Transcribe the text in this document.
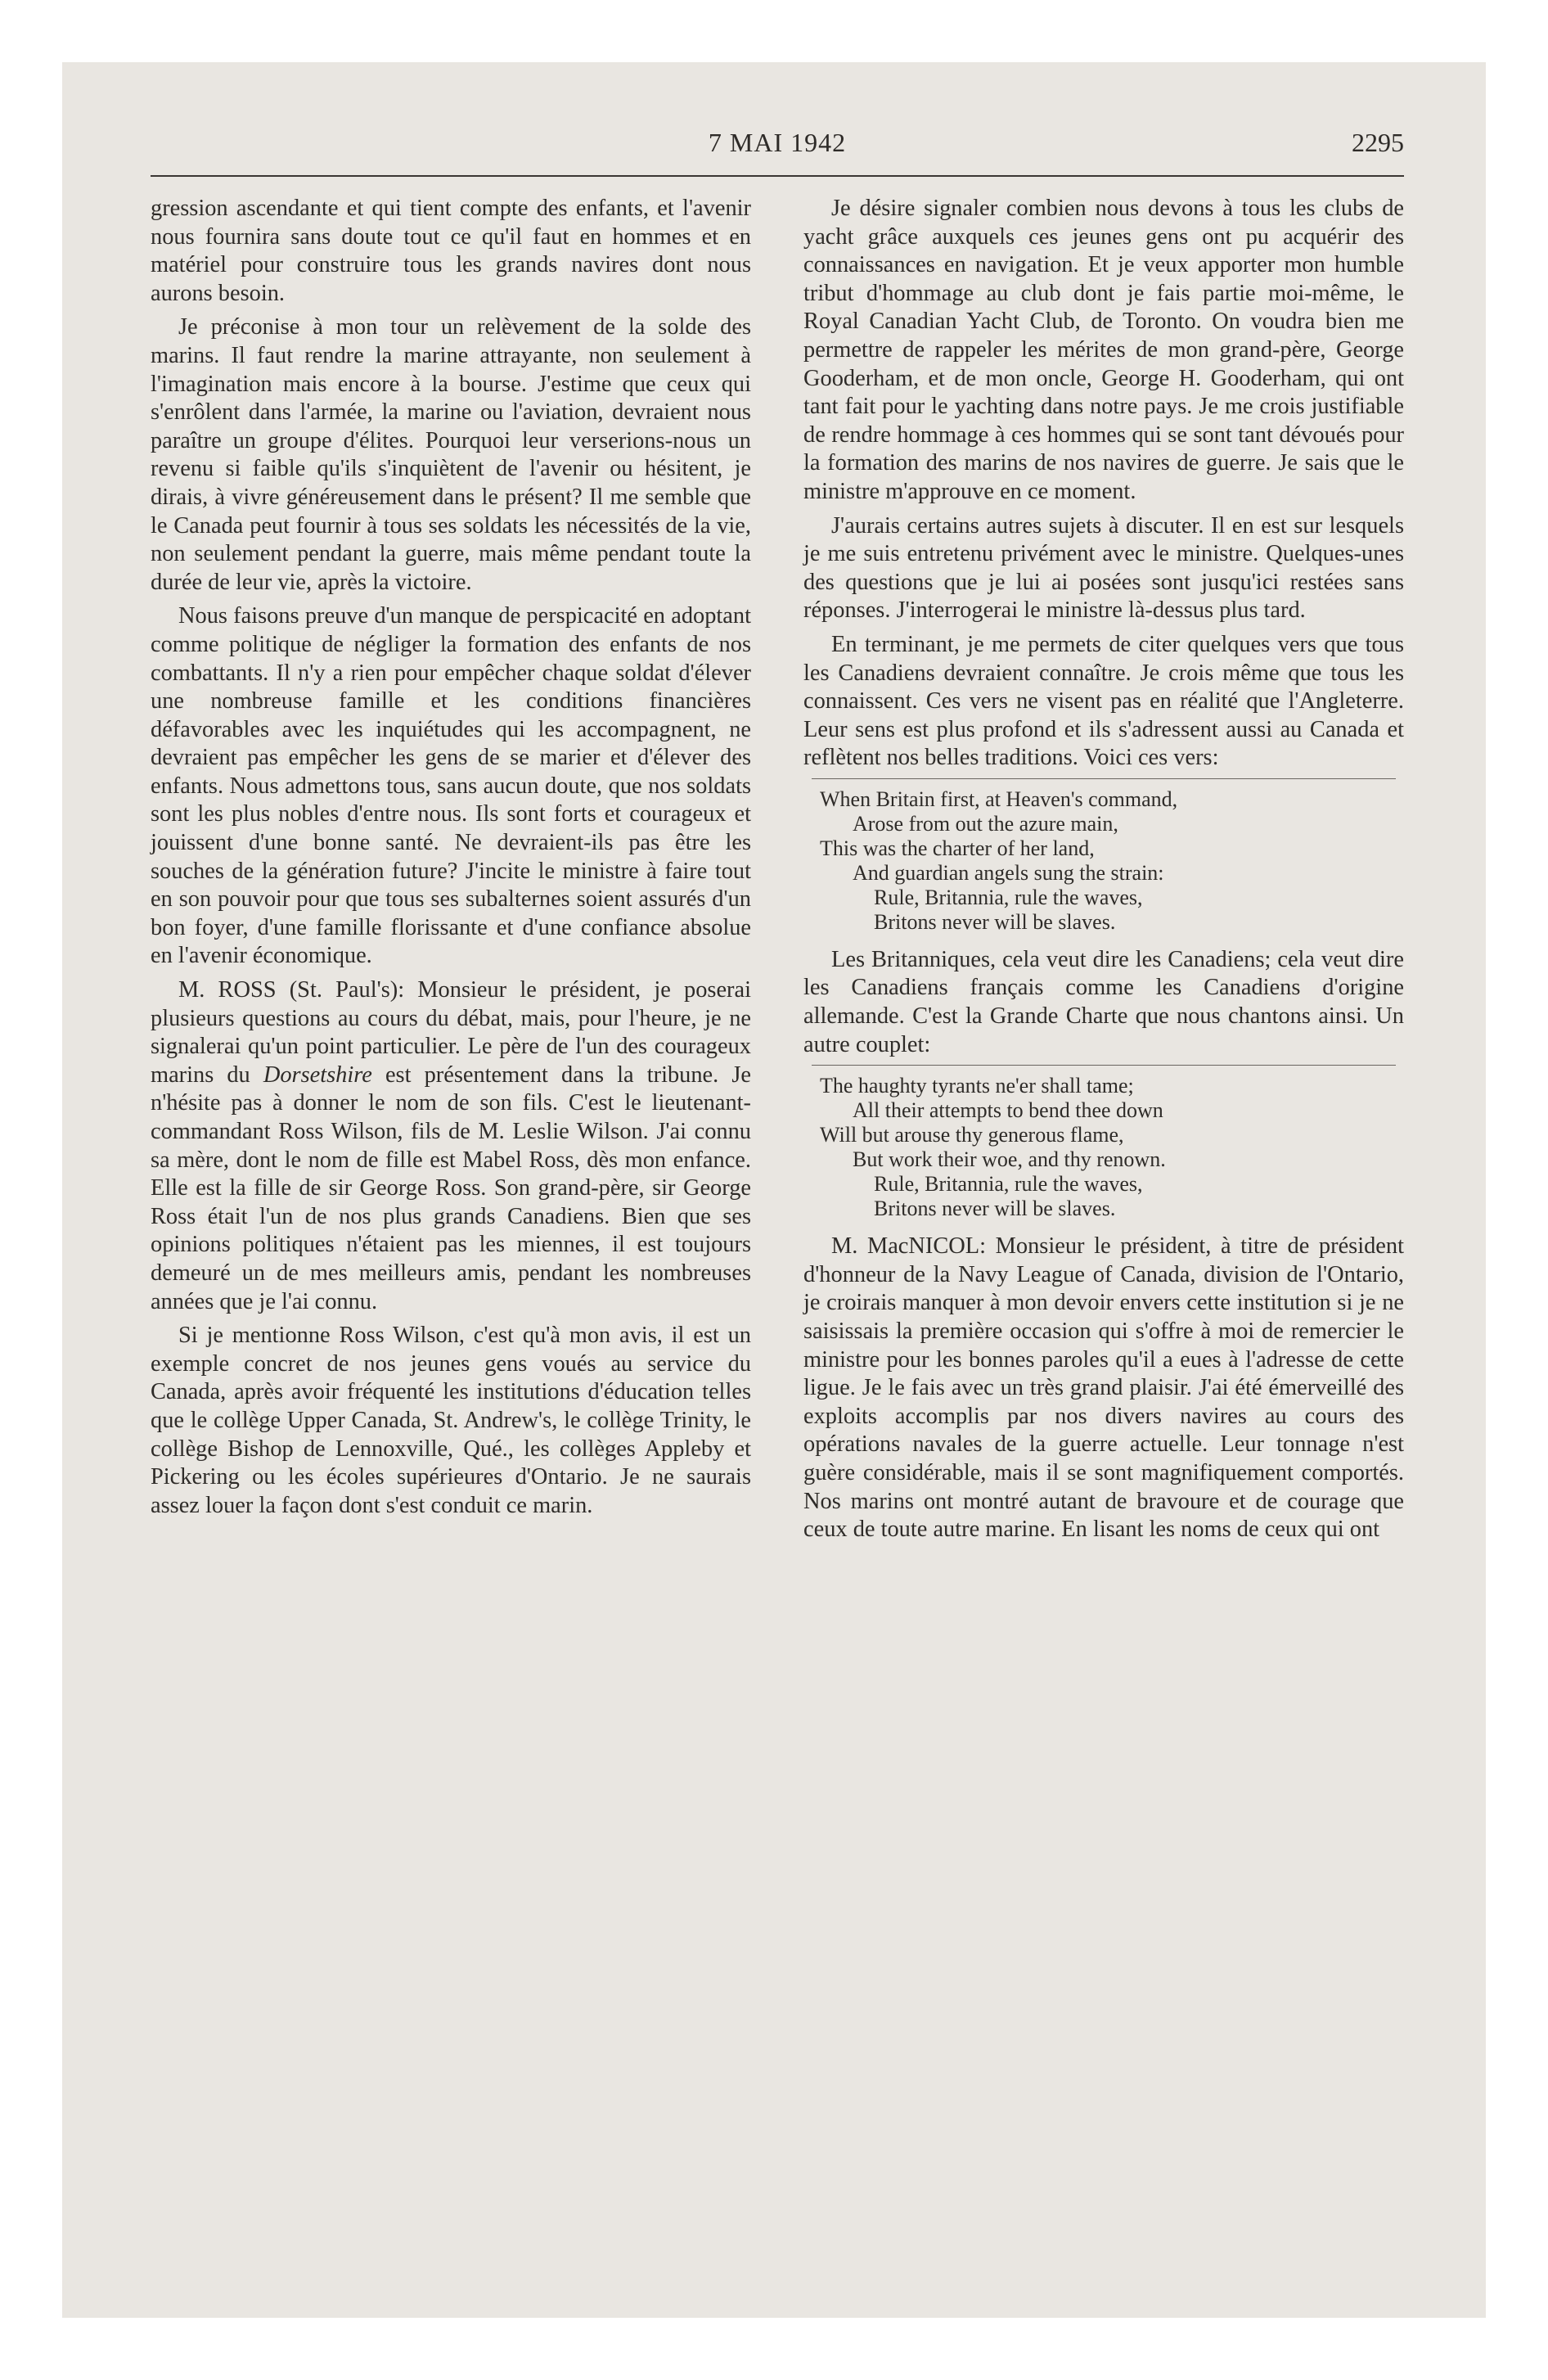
7 MAI 1942	2295

gression ascendante et qui tient compte des enfants, et l'avenir nous fournira sans doute tout ce qu'il faut en hommes et en matériel pour construire tous les grands navires dont nous aurons besoin.

Je préconise à mon tour un relèvement de la solde des marins. Il faut rendre la marine attrayante, non seulement à l'imagination mais encore à la bourse. J'estime que ceux qui s'enrôlent dans l'armée, la marine ou l'aviation, devraient nous paraître un groupe d'élites. Pourquoi leur verserions-nous un revenu si faible qu'ils s'inquiètent de l'avenir ou hésitent, je dirais, à vivre généreusement dans le présent? Il me semble que le Canada peut fournir à tous ses soldats les nécessités de la vie, non seulement pendant la guerre, mais même pendant toute la durée de leur vie, après la victoire.

Nous faisons preuve d'un manque de perspicacité en adoptant comme politique de négliger la formation des enfants de nos combattants. Il n'y a rien pour empêcher chaque soldat d'élever une nombreuse famille et les conditions financières défavorables avec les inquiétudes qui les accompagnent, ne devraient pas empêcher les gens de se marier et d'élever des enfants. Nous admettons tous, sans aucun doute, que nos soldats sont les plus nobles d'entre nous. Ils sont forts et courageux et jouissent d'une bonne santé. Ne devraient-ils pas être les souches de la génération future? J'incite le ministre à faire tout en son pouvoir pour que tous ses subalternes soient assurés d'un bon foyer, d'une famille florissante et d'une confiance absolue en l'avenir économique.

M. ROSS (St. Paul's): Monsieur le président, je poserai plusieurs questions au cours du débat, mais, pour l'heure, je ne signalerai qu'un point particulier. Le père de l'un des courageux marins du Dorsetshire est présentement dans la tribune. Je n'hésite pas à donner le nom de son fils. C'est le lieutenant-commandant Ross Wilson, fils de M. Leslie Wilson. J'ai connu sa mère, dont le nom de fille est Mabel Ross, dès mon enfance. Elle est la fille de sir George Ross. Son grand-père, sir George Ross était l'un de nos plus grands Canadiens. Bien que ses opinions politiques n'étaient pas les miennes, il est toujours demeuré un de mes meilleurs amis, pendant les nombreuses années que je l'ai connu.

Si je mentionne Ross Wilson, c'est qu'à mon avis, il est un exemple concret de nos jeunes gens voués au service du Canada, après avoir fréquenté les institutions d'éducation telles que le collège Upper Canada, St. Andrew's, le collège Trinity, le collège Bishop de Lennoxville, Qué., les collèges Appleby et Pickering ou les écoles supérieures d'Ontario. Je ne saurais assez louer la façon dont s'est conduit ce marin.

Je désire signaler combien nous devons à tous les clubs de yacht grâce auxquels ces jeunes gens ont pu acquérir des connaissances en navigation. Et je veux apporter mon humble tribut d'hommage au club dont je fais partie moi-même, le Royal Canadian Yacht Club, de Toronto. On voudra bien me permettre de rappeler les mérites de mon grand-père, George Gooderham, et de mon oncle, George H. Gooderham, qui ont tant fait pour le yachting dans notre pays. Je me crois justifiable de rendre hommage à ces hommes qui se sont tant dévoués pour la formation des marins de nos navires de guerre. Je sais que le ministre m'approuve en ce moment.

J'aurais certains autres sujets à discuter. Il en est sur lesquels je me suis entretenu privément avec le ministre. Quelques-unes des questions que je lui ai posées sont jusqu'ici restées sans réponses. J'interrogerai le ministre là-dessus plus tard.

En terminant, je me permets de citer quelques vers que tous les Canadiens devraient connaître. Je crois même que tous les connaissent. Ces vers ne visent pas en réalité que l'Angleterre. Leur sens est plus profond et ils s'adressent aussi au Canada et reflètent nos belles traditions. Voici ces vers:

When Britain first, at Heaven's command,
Arose from out the azure main,
This was the charter of her land,
And guardian angels sung the strain:
Rule, Britannia, rule the waves,
Britons never will be slaves.

Les Britanniques, cela veut dire les Canadiens; cela veut dire les Canadiens français comme les Canadiens d'origine allemande. C'est la Grande Charte que nous chantons ainsi. Un autre couplet:

The haughty tyrants ne'er shall tame;
All their attempts to bend thee down
Will but arouse thy generous flame,
But work their woe, and thy renown.
Rule, Britannia, rule the waves,
Britons never will be slaves.

M. MacNICOL: Monsieur le président, à titre de président d'honneur de la Navy League of Canada, division de l'Ontario, je croirais manquer à mon devoir envers cette institution si je ne saisissais la première occasion qui s'offre à moi de remercier le ministre pour les bonnes paroles qu'il a eues à l'adresse de cette ligue. Je le fais avec un très grand plaisir. J'ai été émerveillé des exploits accomplis par nos divers navires au cours des opérations navales de la guerre actuelle. Leur tonnage n'est guère considérable, mais il se sont magnifiquement comportés. Nos marins ont montré autant de bravoure et de courage que ceux de toute autre marine. En lisant les noms de ceux qui ont
